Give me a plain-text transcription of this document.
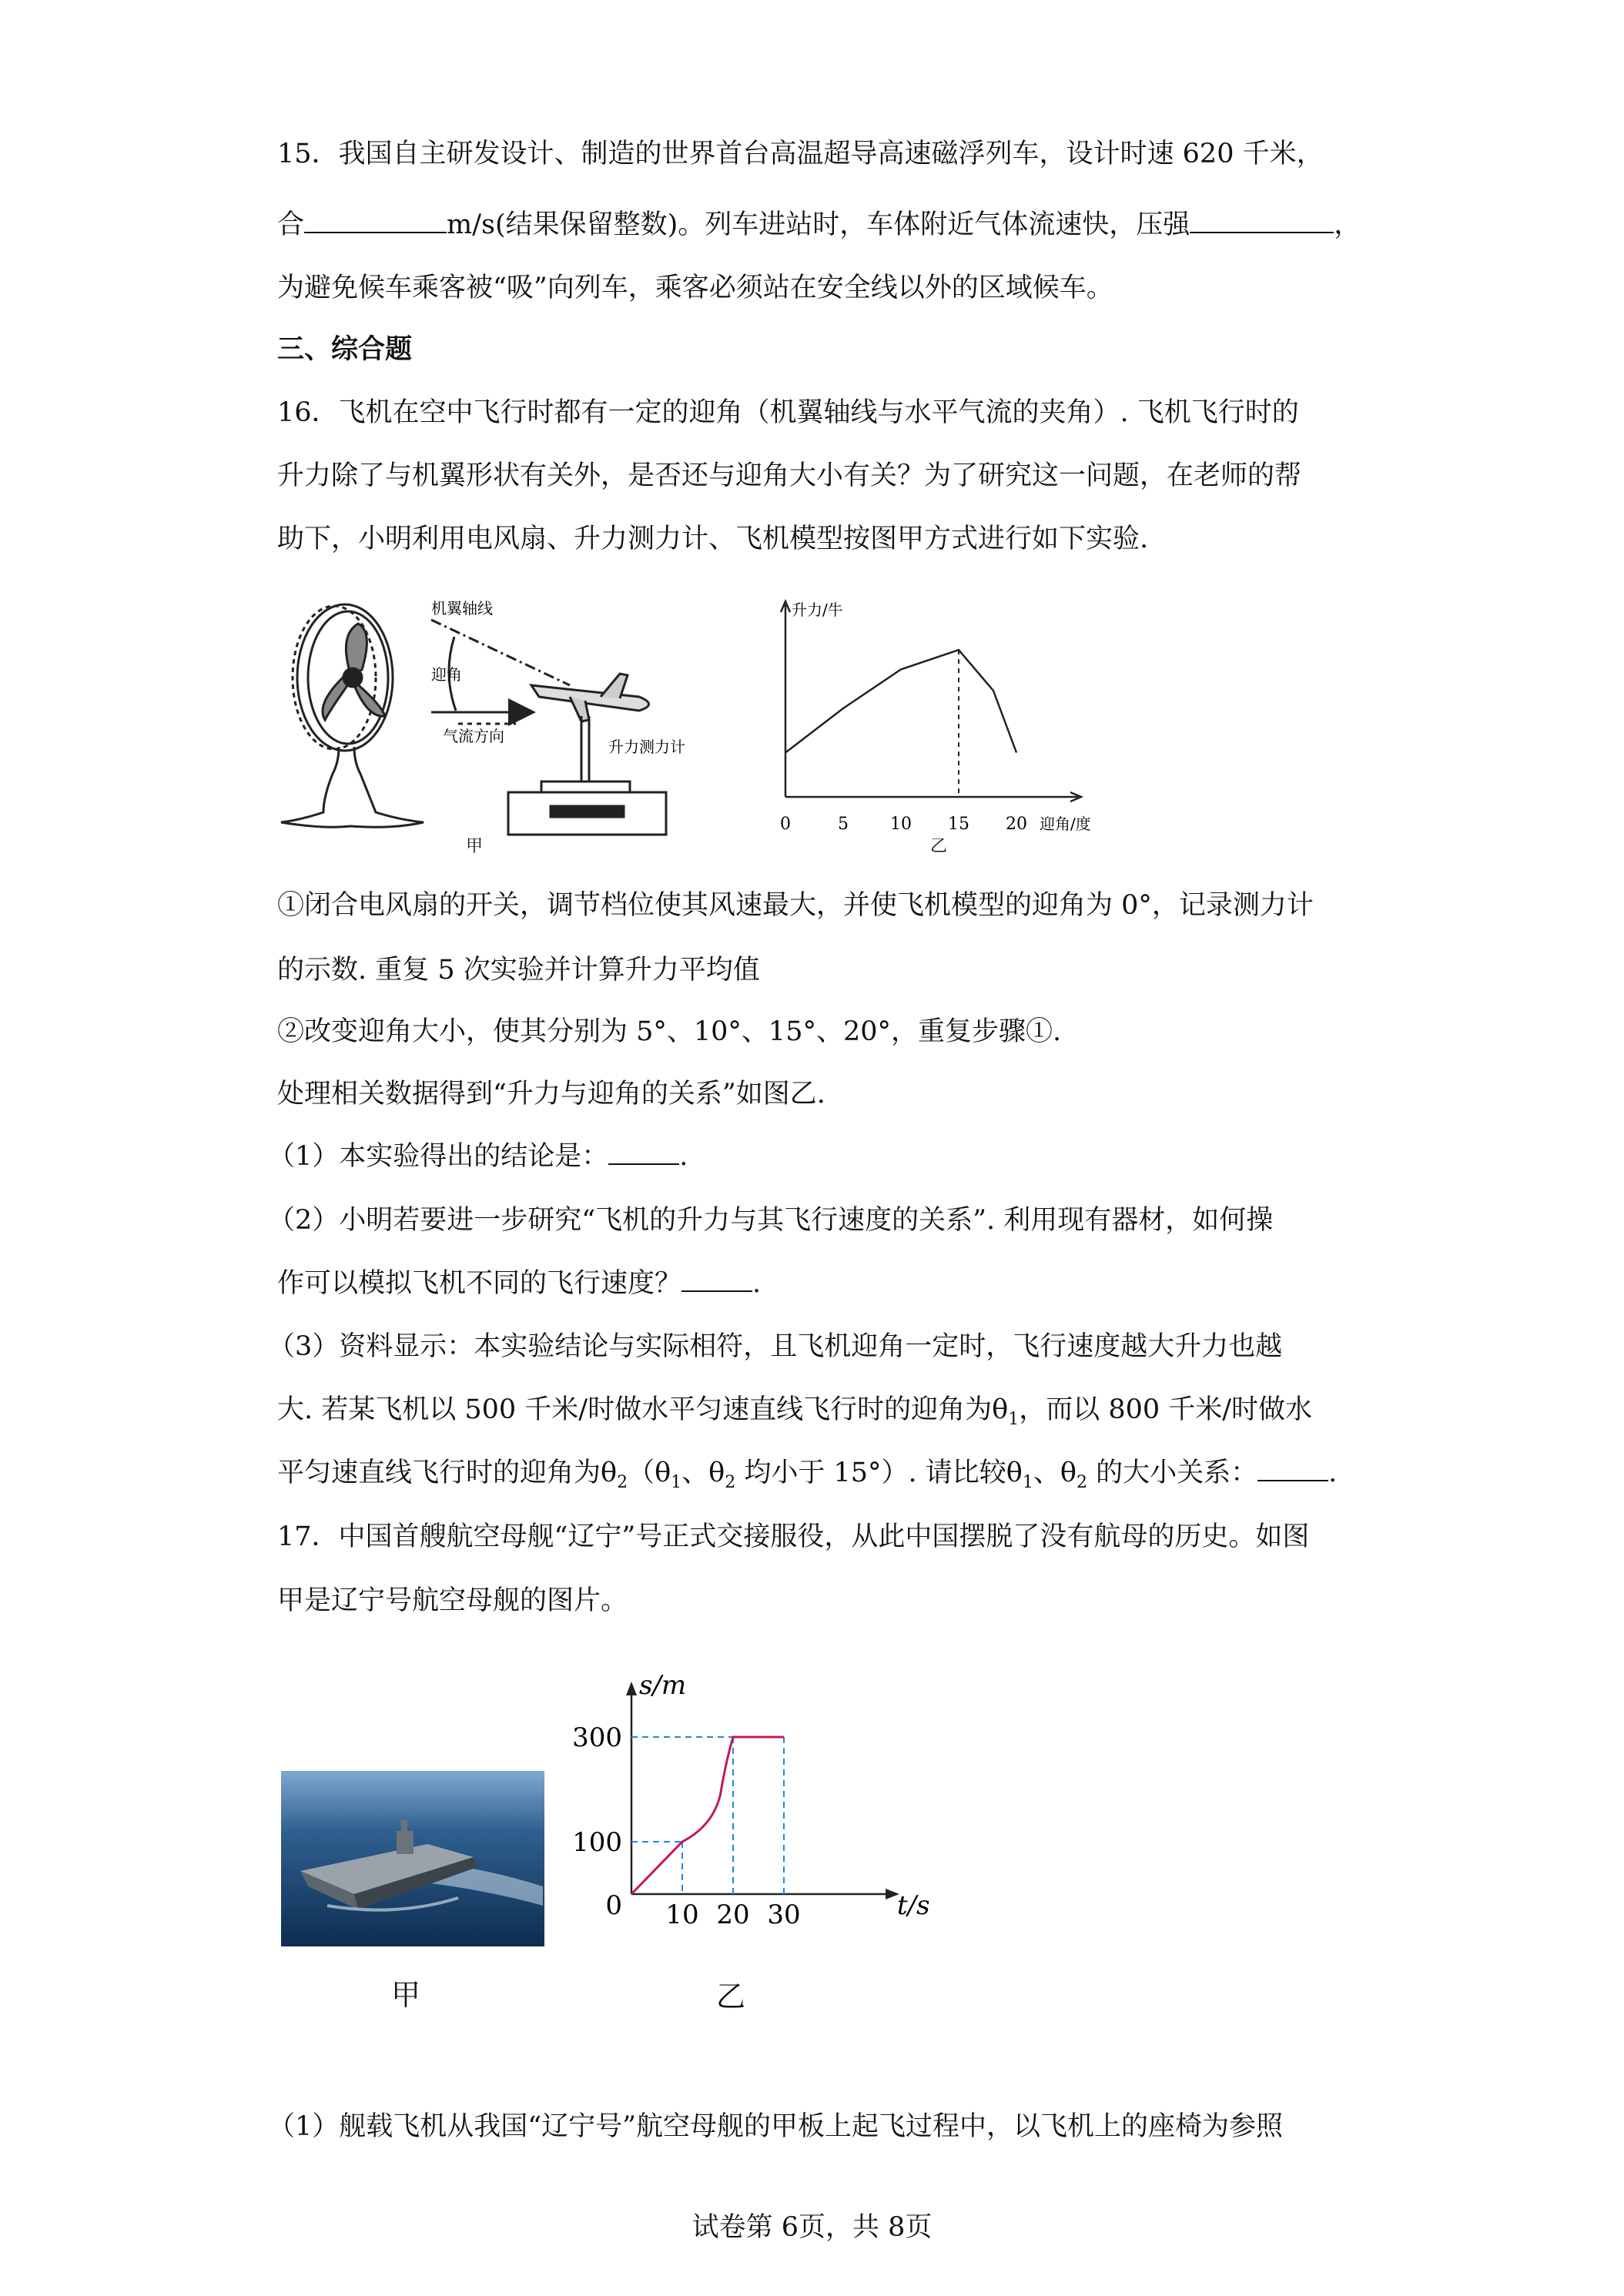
15．我国自主研发设计、制造的世界首台高温超导高速磁浮列车，设计时速 620 千米，
合	m/s(结果保留整数)。列车进站时，车体附近气体流速快，压强	，
为避免候车乘客被“吸”向列车，乘客必须站在安全线以外的区域候车。
三、综合题
16．飞机在空中飞行时都有一定的迎角（机翼轴线与水平气流的夹角）. 飞机飞行时的
升力除了与机翼形状有关外，是否还与迎角大小有关？为了研究这一问题，在老师的帮
助下，小明利用电风扇、升力测力计、飞机模型按图甲方式进行如下实验.
机翼轴线
迎角
气流方向
升力测力计
甲
升力/牛
迎角/度
0	5 10 15 20
乙
①闭合电风扇的开关，调节档位使其风速最大，并使飞机模型的迎角为 0°，记录测力计
的示数. 重复 5 次实验并计算升力平均值
②改变迎角大小，使其分别为 5°、10°、15°、20°，重复步骤①.
处理相关数据得到“升力与迎角的关系”如图乙.
（1）本实验得出的结论是：	.
（2）小明若要进一步研究“飞机的升力与其飞行速度的关系”. 利用现有器材，如何操
作可以模拟飞机不同的飞行速度？	.
（3）资料显示：本实验结论与实际相符，且飞机迎角一定时，飞行速度越大升力也越
大. 若某飞机以 500 千米/时做水平匀速直线飞行时的迎角为$\theta_1$，而以 800 千米/时做水
平匀速直线飞行时的迎角为$\theta_2(\theta_1$、$\theta_2$ 均小于 15°）. 请比较$\theta_1$、$\theta_2$ 的大小关系：	.
17．中国首艘航空母舰“辽宁”号正式交接服役，从此中国摆脱了没有航母的历史。如图
甲是辽宁号航空母舰的图片。
甲
s/m
t/s
100
300
0 10 20 30
乙
（1）舰载飞机从我国“辽宁号”航空母舰的甲板上起飞过程中，以飞机上的座椅为参照
试卷第 6页，共 8页
